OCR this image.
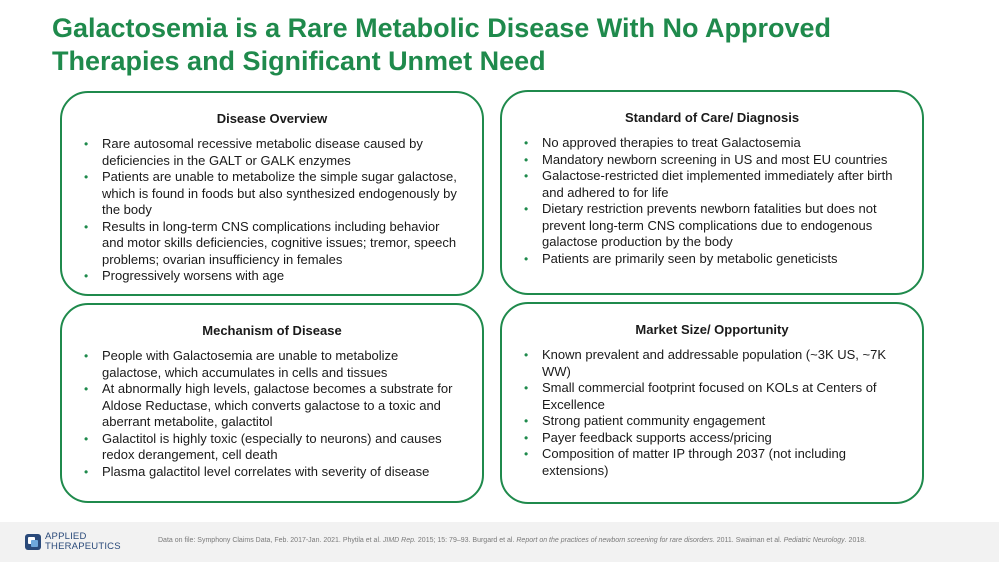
Galactosemia is a Rare Metabolic Disease With No Approved Therapies and Significant Unmet Need
Disease Overview
• Rare autosomal recessive metabolic disease caused by deficiencies in the GALT or GALK enzymes
• Patients are unable to metabolize the simple sugar galactose, which is found in foods but also synthesized endogenously by the body
• Results in long-term CNS complications including behavior and motor skills deficiencies, cognitive issues; tremor, speech problems; ovarian insufficiency in females
• Progressively worsens with age
Standard of Care/ Diagnosis
• No approved therapies to treat Galactosemia
• Mandatory newborn screening in US and most EU countries
• Galactose-restricted diet implemented immediately after birth and adhered to for life
• Dietary restriction prevents newborn fatalities but does not prevent long-term CNS complications due to endogenous galactose production by the body
• Patients are primarily seen by metabolic geneticists
Mechanism of Disease
• People with Galactosemia are unable to metabolize galactose, which accumulates in cells and tissues
• At abnormally high levels, galactose becomes a substrate for Aldose Reductase, which converts galactose to a toxic and aberrant metabolite, galactitol
• Galactitol is highly toxic (especially to neurons) and causes redox derangement, cell death
• Plasma galactitol level correlates with severity of disease
Market Size/ Opportunity
• Known prevalent and addressable population (~3K US, ~7K WW)
• Small commercial footprint focused on KOLs at Centers of Excellence
• Strong patient community engagement
• Payer feedback supports access/pricing
• Composition of matter IP through 2037 (not including extensions)
APPLIED
THERAPEUTICS
Data on file: Symphony Claims Data, Feb. 2017-Jan. 2021. Phytila et al. JIMD Rep. 2015; 15: 79–93. Burgard et al. Report on the practices of newborn screening for rare disorders. 2011. Swaiman et al. Pediatric Neurology. 2018.
